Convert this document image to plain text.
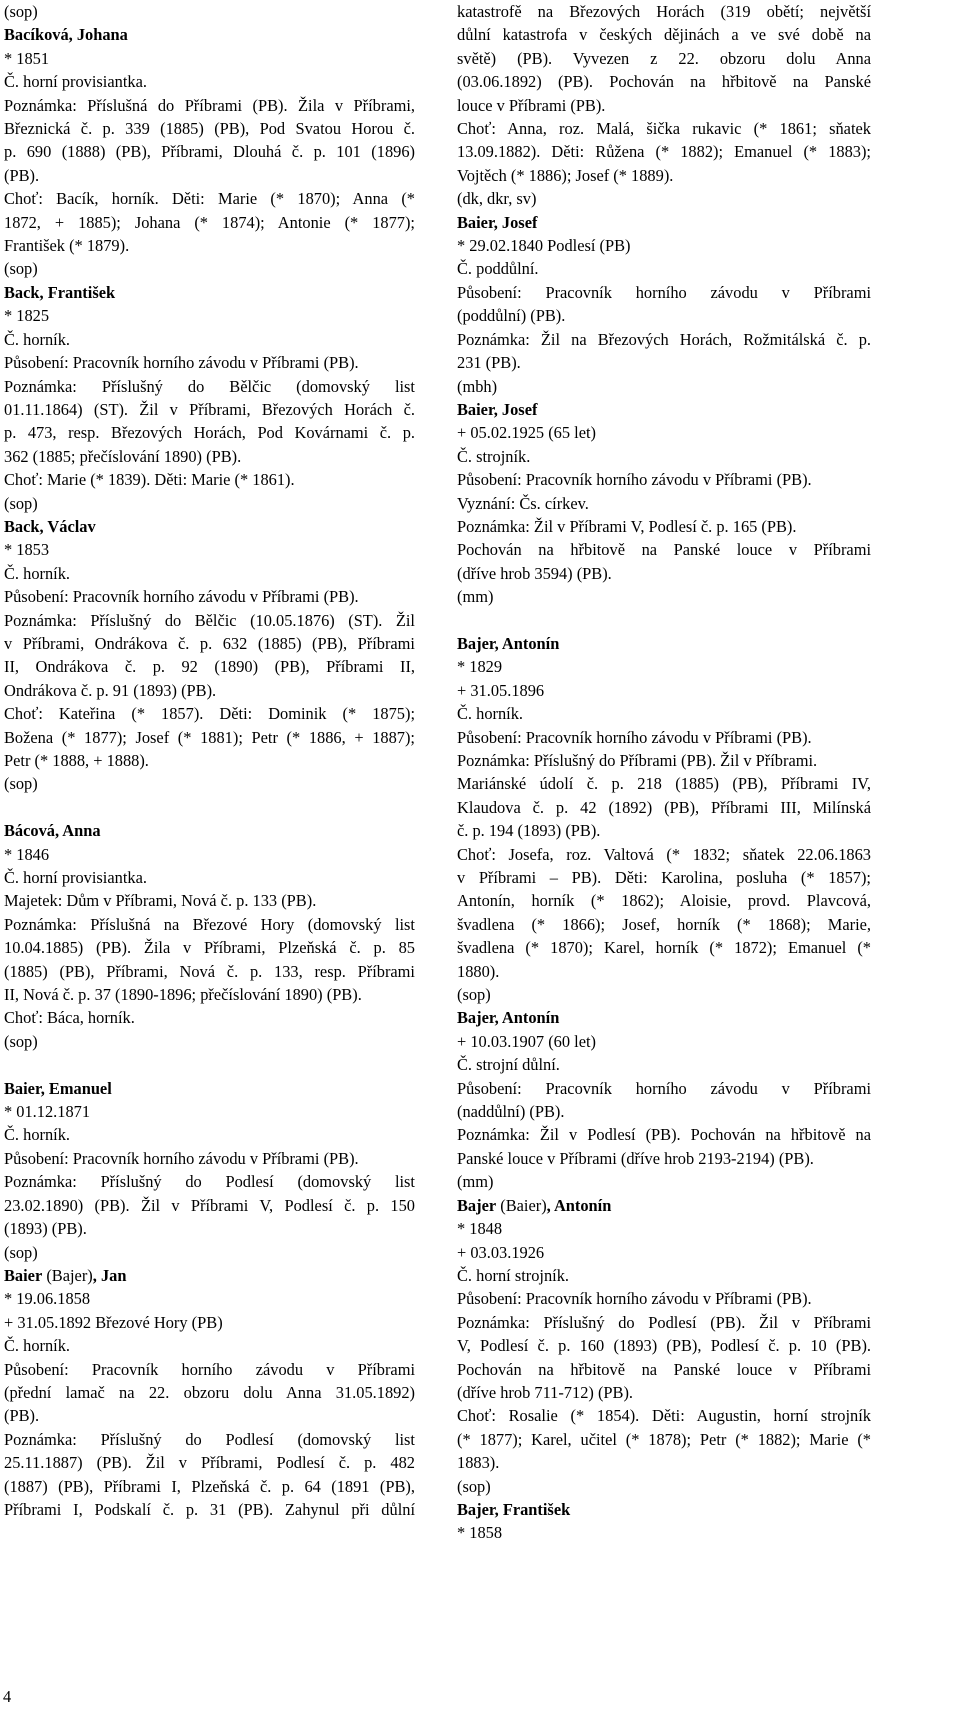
(sop)
Bacíková, Johana
* 1851
Č. horní provisiantka.
Poznámka: Příslušná do Příbrami (PB). Žila v Příbrami,
Březnická č. p. 339 (1885) (PB), Pod Svatou Horou č.
p. 690 (1888) (PB), Příbrami, Dlouhá č. p. 101 (1896)
(PB).
Choť: Bacík, horník. Děti: Marie (* 1870); Anna (*
1872, + 1885); Johana (* 1874); Antonie (* 1877);
František (* 1879).
(sop)
Back, František
* 1825
Č. horník.
Působení: Pracovník horního závodu v Příbrami (PB).
Poznámka: Příslušný do Bělčic (domovský list
01.11.1864) (ST). Žil v Příbrami, Březových Horách č.
p. 473, resp. Březových Horách, Pod Kovárnami č. p.
362 (1885; přečíslování 1890) (PB).
Choť: Marie (* 1839). Děti: Marie (* 1861).
(sop)
Back, Václav
* 1853
Č. horník.
Působení: Pracovník horního závodu v Příbrami (PB).
Poznámka: Příslušný do Bělčic (10.05.1876) (ST). Žil
v Příbrami, Ondrákova č. p. 632 (1885) (PB), Příbrami
II, Ondrákova č. p. 92 (1890) (PB), Příbrami II,
Ondrákova č. p. 91 (1893) (PB).
Choť: Kateřina (* 1857). Děti: Dominik (* 1875);
Božena (* 1877); Josef (* 1881); Petr (* 1886, + 1887);
Petr (* 1888, + 1888).
(sop)
Bácová, Anna
* 1846
Č. horní provisiantka.
Majetek: Dům v Příbrami, Nová č. p. 133 (PB).
Poznámka: Příslušná na Březové Hory (domovský list
10.04.1885) (PB). Žila v Příbrami, Plzeňská č. p. 85
(1885) (PB), Příbrami, Nová č. p. 133, resp. Příbrami
II, Nová č. p. 37 (1890-1896; přečíslování 1890) (PB).
Choť: Báca, horník.
(sop)
Baier, Emanuel
* 01.12.1871
Č. horník.
Působení: Pracovník horního závodu v Příbrami (PB).
Poznámka: Příslušný do Podlesí (domovský list
23.02.1890) (PB). Žil v Příbrami V, Podlesí č. p. 150
(1893) (PB).
(sop)
Baier (Bajer), Jan
* 19.06.1858
+ 31.05.1892 Březové Hory (PB)
Č. horník.
Působení: Pracovník horního závodu v Příbrami
(přední lamač na 22. obzoru dolu Anna 31.05.1892)
(PB).
Poznámka: Příslušný do Podlesí (domovský list
25.11.1887) (PB). Žil v Příbrami, Podlesí č. p. 482
(1887) (PB), Příbrami I, Plzeňská č. p. 64 (1891 (PB),
Příbrami I, Podskalí č. p. 31 (PB). Zahynul při důlní
katastrofě na Březových Horách (319 obětí; největší
důlní katastrofa v českých dějinách a ve své době na
světě) (PB). Vyvezen z 22. obzoru dolu Anna
(03.06.1892) (PB). Pochován na hřbitově na Panské
louce v Příbrami (PB).
Choť: Anna, roz. Malá, šička rukavic (* 1861; sňatek
13.09.1882). Děti: Růžena (* 1882); Emanuel (* 1883);
Vojtěch (* 1886); Josef (* 1889).
(dk, dkr, sv)
Baier, Josef
* 29.02.1840 Podlesí (PB)
Č. poddůlní.
Působení: Pracovník horního závodu v Příbrami
(poddůlní) (PB).
Poznámka: Žil na Březových Horách, Rožmitálská č. p.
231 (PB).
(mbh)
Baier, Josef
+ 05.02.1925 (65 let)
Č. strojník.
Působení: Pracovník horního závodu v Příbrami (PB).
Vyznání: Čs. církev.
Poznámka: Žil v Příbrami V, Podlesí č. p. 165 (PB).
Pochován na hřbitově na Panské louce v Příbrami
(dříve hrob 3594) (PB).
(mm)
Bajer, Antonín
* 1829
+ 31.05.1896
Č. horník.
Působení: Pracovník horního závodu v Příbrami (PB).
Poznámka: Příslušný do Příbrami (PB). Žil v Příbrami.
Mariánské údolí č. p. 218 (1885) (PB), Příbrami IV,
Klaudova č. p. 42 (1892) (PB), Příbrami III, Milínská
č. p. 194 (1893) (PB).
Choť: Josefa, roz. Valtová (* 1832; sňatek 22.06.1863
v Příbrami – PB). Děti: Karolina, posluha (* 1857);
Antonín, horník (* 1862); Aloisie, provd. Plavcová,
švadlena (* 1866); Josef, horník (* 1868); Marie,
švadlena (* 1870); Karel, horník (* 1872); Emanuel (*
1880).
(sop)
Bajer, Antonín
+ 10.03.1907 (60 let)
Č. strojní důlní.
Působení: Pracovník horního závodu v Příbrami
(naddůlní) (PB).
Poznámka: Žil v Podlesí (PB). Pochován na hřbitově na
Panské louce v Příbrami (dříve hrob 2193-2194) (PB).
(mm)
Bajer (Baier), Antonín
* 1848
+ 03.03.1926
Č. horní strojník.
Působení: Pracovník horního závodu v Příbrami (PB).
Poznámka: Příslušný do Podlesí (PB). Žil v Příbrami
V, Podlesí č. p. 160 (1893) (PB), Podlesí č. p. 10 (PB).
Pochován na hřbitově na Panské louce v Příbrami
(dříve hrob 711-712) (PB).
Choť: Rosalie (* 1854). Děti: Augustin, horní strojník
(* 1877); Karel, učitel (* 1878); Petr (* 1882); Marie (*
1883).
(sop)
Bajer, František
* 1858
4
